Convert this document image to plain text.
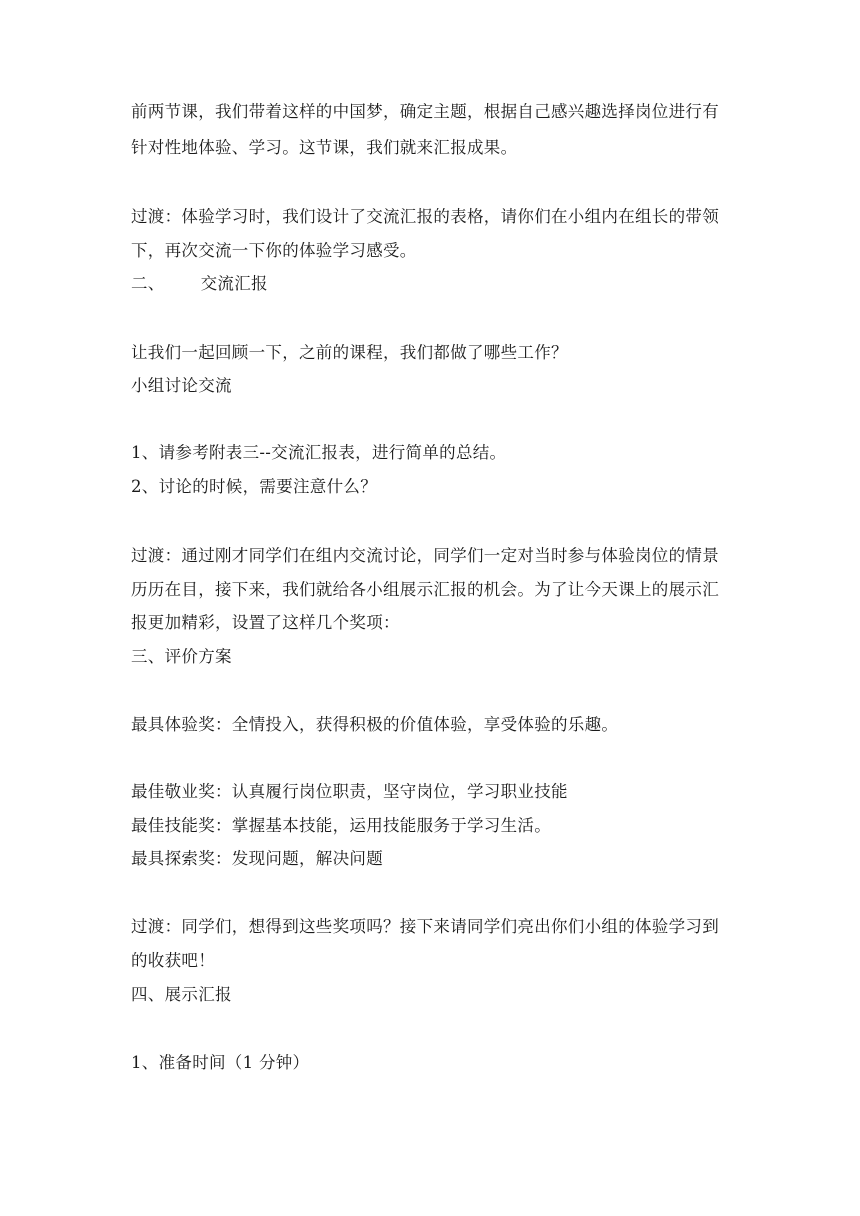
前两节课，我们带着这样的中国梦，确定主题，根据自己感兴趣选择岗位进行有
针对性地体验、学习。这节课，我们就来汇报成果。
过渡：体验学习时，我们设计了交流汇报的表格，请你们在小组内在组长的带领
下，再次交流一下你的体验学习感受。
二、 交流汇报
让我们一起回顾一下，之前的课程，我们都做了哪些工作？
小组讨论交流
1、请参考附表三--交流汇报表，进行简单的总结。
2、讨论的时候，需要注意什么？
过渡：通过刚才同学们在组内交流讨论，同学们一定对当时参与体验岗位的情景
历历在目，接下来，我们就给各小组展示汇报的机会。为了让今天课上的展示汇
报更加精彩，设置了这样几个奖项：
三、评价方案
最具体验奖：全情投入，获得积极的价值体验，享受体验的乐趣。
最佳敬业奖：认真履行岗位职责，坚守岗位，学习职业技能
最佳技能奖：掌握基本技能，运用技能服务于学习生活。
最具探索奖：发现问题，解决问题
过渡：同学们，想得到这些奖项吗？接下来请同学们亮出你们小组的体验学习到
的收获吧！
四、展示汇报
1、准备时间（1 分钟）
